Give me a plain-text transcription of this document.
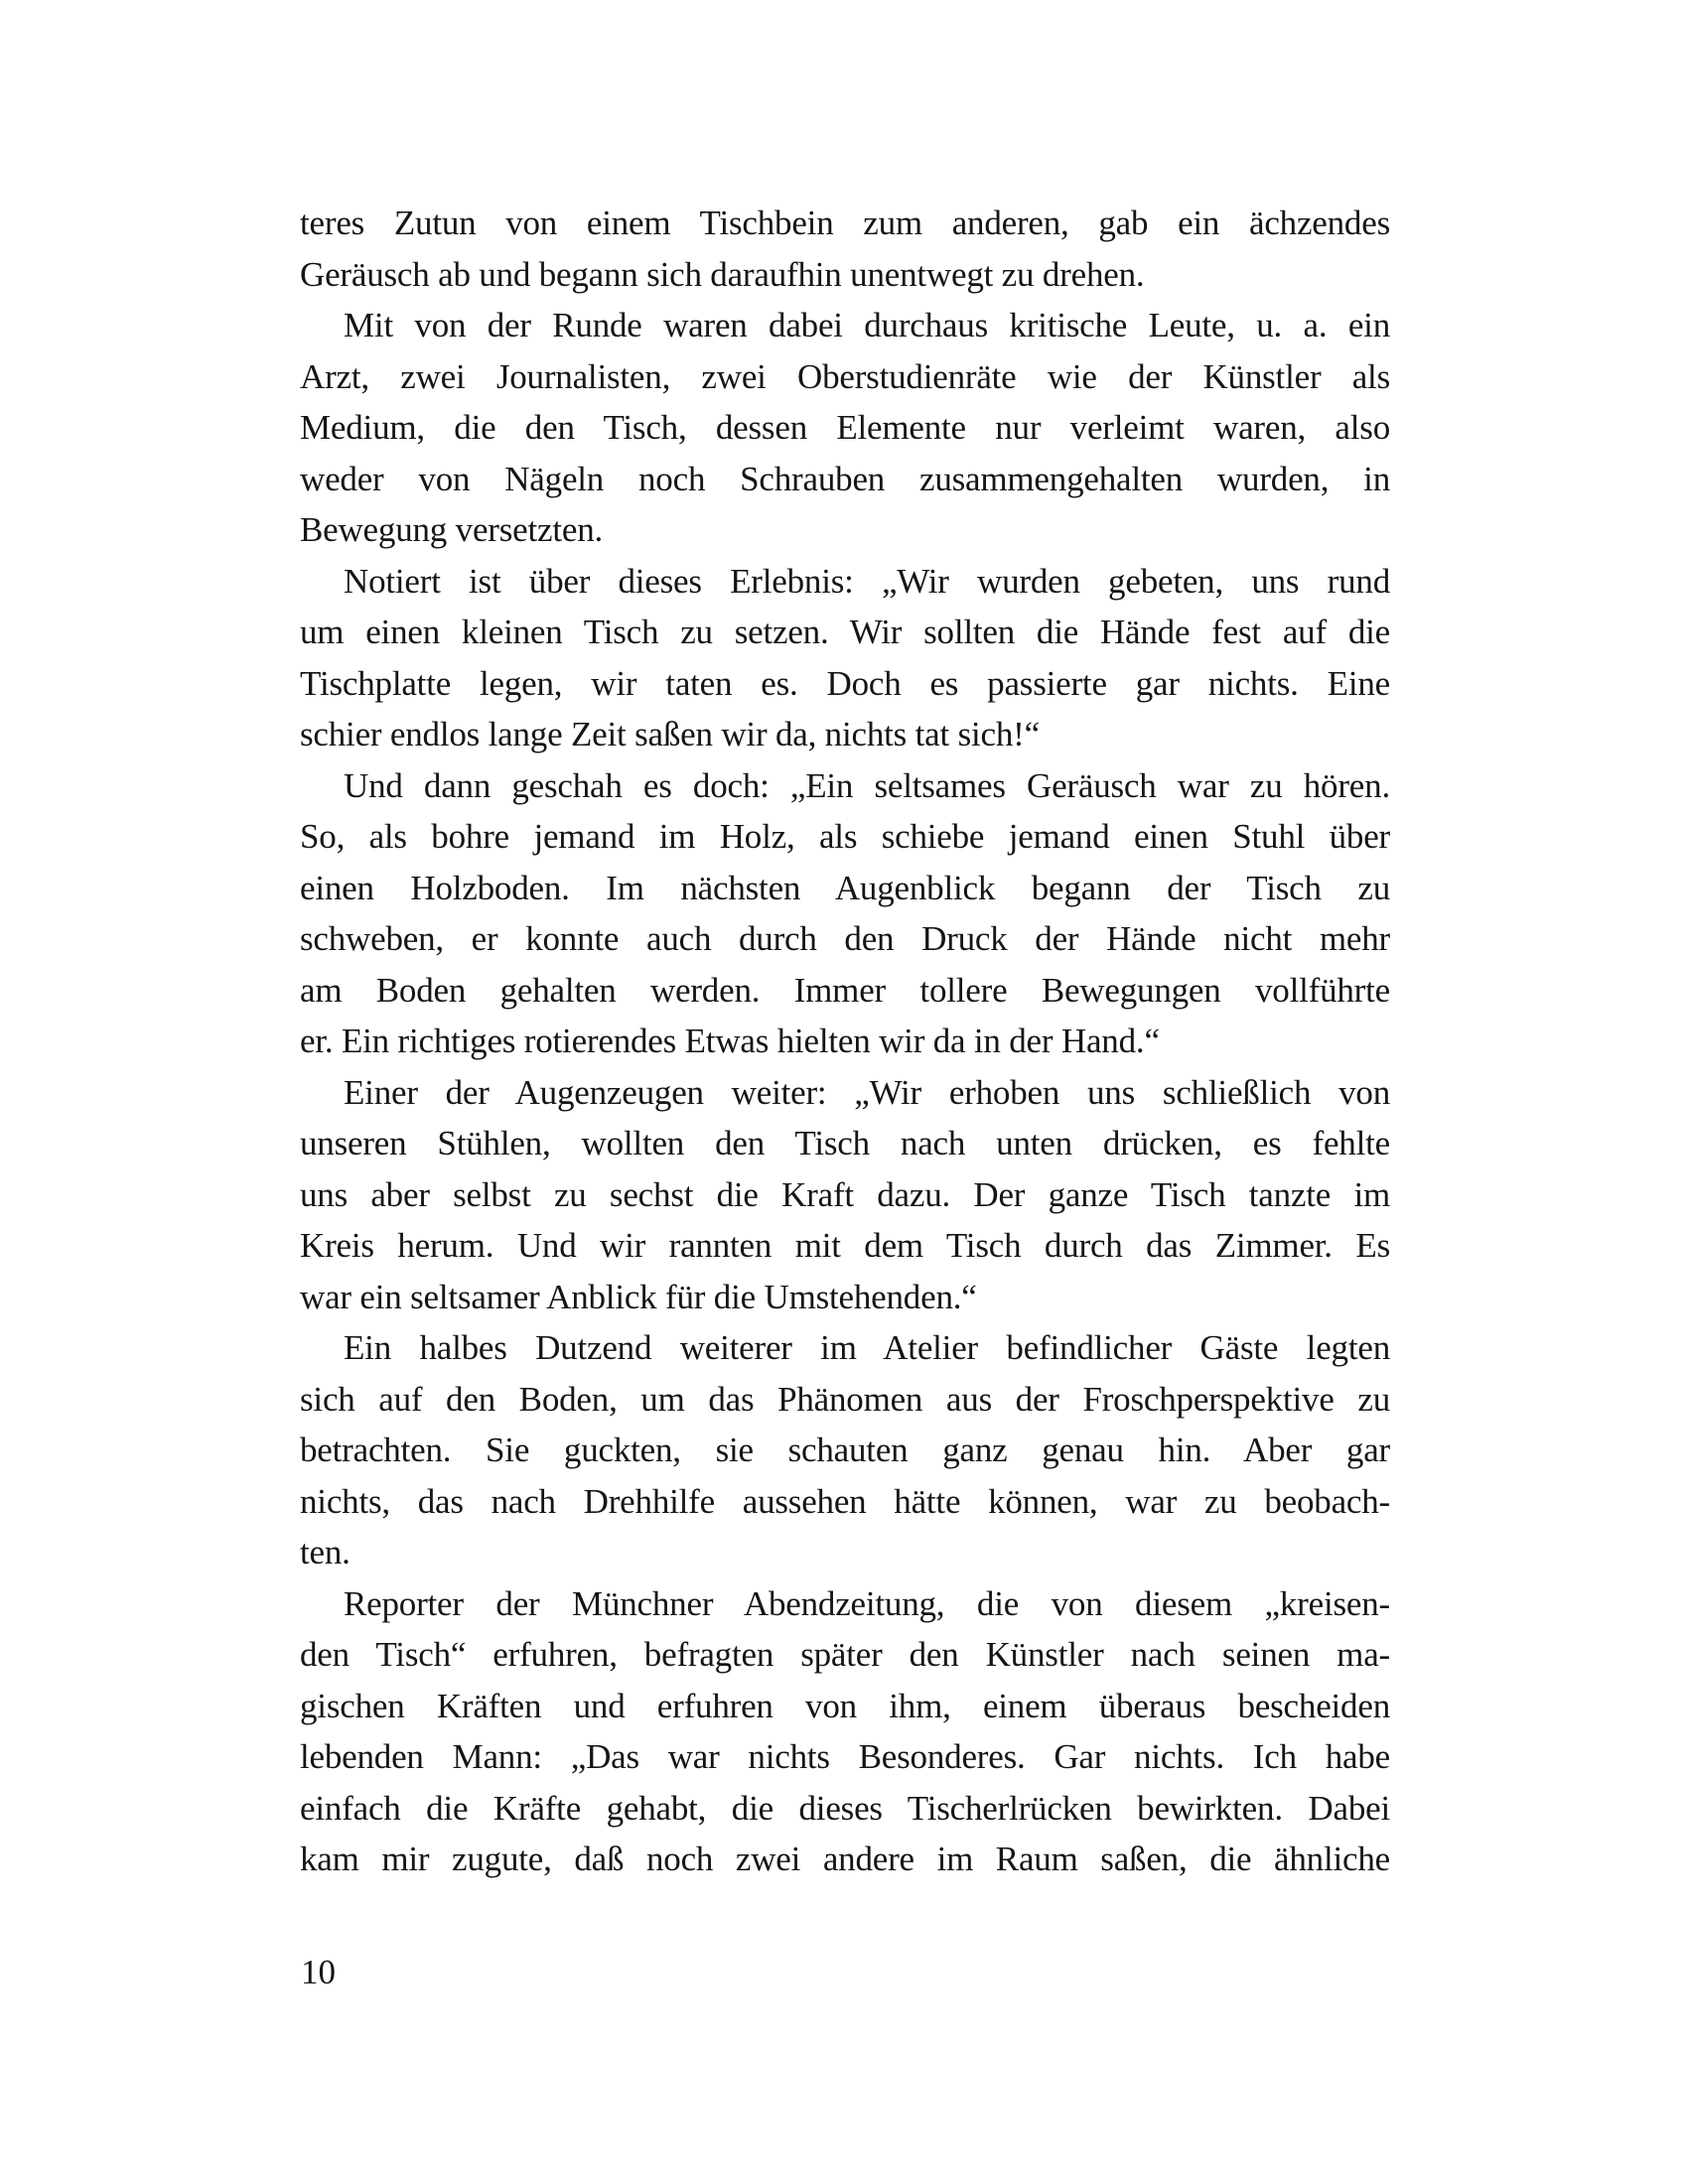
teres Zutun von einem Tischbein zum anderen, gab ein ächzendes
Geräusch ab und begann sich daraufhin unentwegt zu drehen.
Mit von der Runde waren dabei durchaus kritische Leute, u. a. ein
Arzt, zwei Journalisten, zwei Oberstudienräte wie der Künstler als
Medium, die den Tisch, dessen Elemente nur verleimt waren, also
weder von Nägeln noch Schrauben zusammengehalten wurden, in
Bewegung versetzten.
Notiert ist über dieses Erlebnis: „Wir wurden gebeten, uns rund
um einen kleinen Tisch zu setzen. Wir sollten die Hände fest auf die
Tischplatte legen, wir taten es. Doch es passierte gar nichts. Eine
schier endlos lange Zeit saßen wir da, nichts tat sich!“
Und dann geschah es doch: „Ein seltsames Geräusch war zu hören.
So, als bohre jemand im Holz, als schiebe jemand einen Stuhl über
einen Holzboden. Im nächsten Augenblick begann der Tisch zu
schweben, er konnte auch durch den Druck der Hände nicht mehr
am Boden gehalten werden. Immer tollere Bewegungen vollführte
er. Ein richtiges rotierendes Etwas hielten wir da in der Hand.“
Einer der Augenzeugen weiter: „Wir erhoben uns schließlich von
unseren Stühlen, wollten den Tisch nach unten drücken, es fehlte
uns aber selbst zu sechst die Kraft dazu. Der ganze Tisch tanzte im
Kreis herum. Und wir rannten mit dem Tisch durch das Zimmer. Es
war ein seltsamer Anblick für die Umstehenden.“
Ein halbes Dutzend weiterer im Atelier befindlicher Gäste legten
sich auf den Boden, um das Phänomen aus der Froschperspektive zu
betrachten. Sie guckten, sie schauten ganz genau hin. Aber gar
nichts, das nach Drehhilfe aussehen hätte können, war zu beobach-
ten.
Reporter der Münchner Abendzeitung, die von diesem „kreisen-
den Tisch“ erfuhren, befragten später den Künstler nach seinen ma-
gischen Kräften und erfuhren von ihm, einem überaus bescheiden
lebenden Mann: „Das war nichts Besonderes. Gar nichts. Ich habe
einfach die Kräfte gehabt, die dieses Tischerlrücken bewirkten. Dabei
kam mir zugute, daß noch zwei andere im Raum saßen, die ähnliche
10
